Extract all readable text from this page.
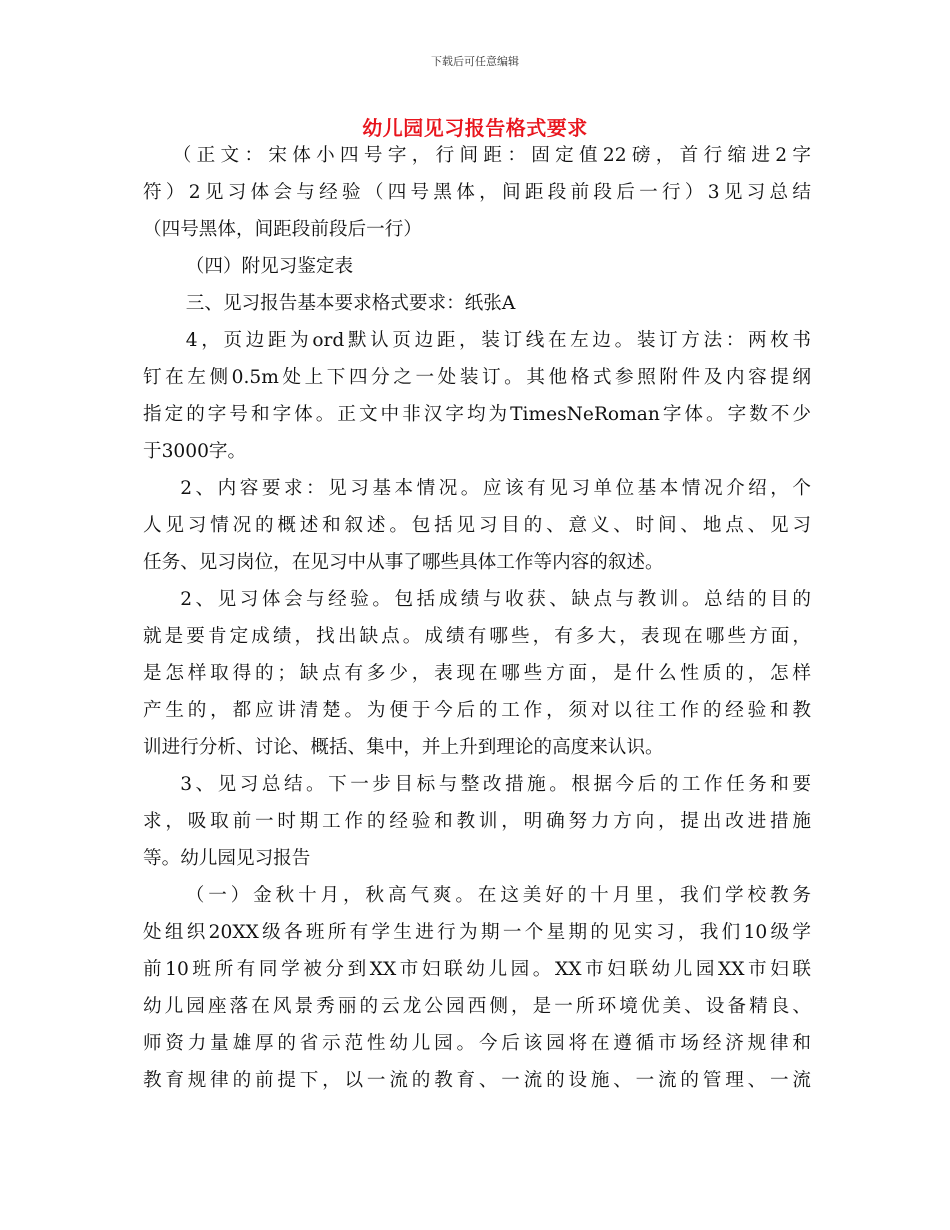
下载后可任意编辑
幼儿园见习报告格式要求

（正文：宋体小四号字，行间距：固定值22磅，首行缩进2字

符）2见习体会与经验（四号黑体，间距段前段后一行）3见习总结

（四号黑体，间距段前段后一行）

（四）附见习鉴定表

三、见习报告基本要求格式要求：纸张A

4，页边距为ord默认页边距，装订线在左边。装订方法：两枚书

钉在左侧0.5m处上下四分之一处装订。其他格式参照附件及内容提纲

指定的字号和字体。正文中非汉字均为TimesNeRoman字体。字数不少

于3000字。

2、内容要求：见习基本情况。应该有见习单位基本情况介绍，个

人见习情况的概述和叙述。包括见习目的、意义、时间、地点、见习

任务、见习岗位，在见习中从事了哪些具体工作等内容的叙述。

2、见习体会与经验。包括成绩与收获、缺点与教训。总结的目的

就是要肯定成绩，找出缺点。成绩有哪些，有多大，表现在哪些方面，

是怎样取得的；缺点有多少，表现在哪些方面，是什么性质的，怎样

产生的，都应讲清楚。为便于今后的工作，须对以往工作的经验和教

训进行分析、讨论、概括、集中，并上升到理论的高度来认识。

3、见习总结。下一步目标与整改措施。根据今后的工作任务和要

求，吸取前一时期工作的经验和教训，明确努力方向，提出改进措施

等。幼儿园见习报告

（一）金秋十月，秋高气爽。在这美好的十月里，我们学校教务

处组织20XX级各班所有学生进行为期一个星期的见实习，我们10级学

前10班所有同学被分到XX市妇联幼儿园。XX市妇联幼儿园XX市妇联

幼儿园座落在风景秀丽的云龙公园西侧，是一所环境优美、设备精良、

师资力量雄厚的省示范性幼儿园。今后该园将在遵循市场经济规律和

教育规律的前提下，以一流的教育、一流的设施、一流的管理、一流
